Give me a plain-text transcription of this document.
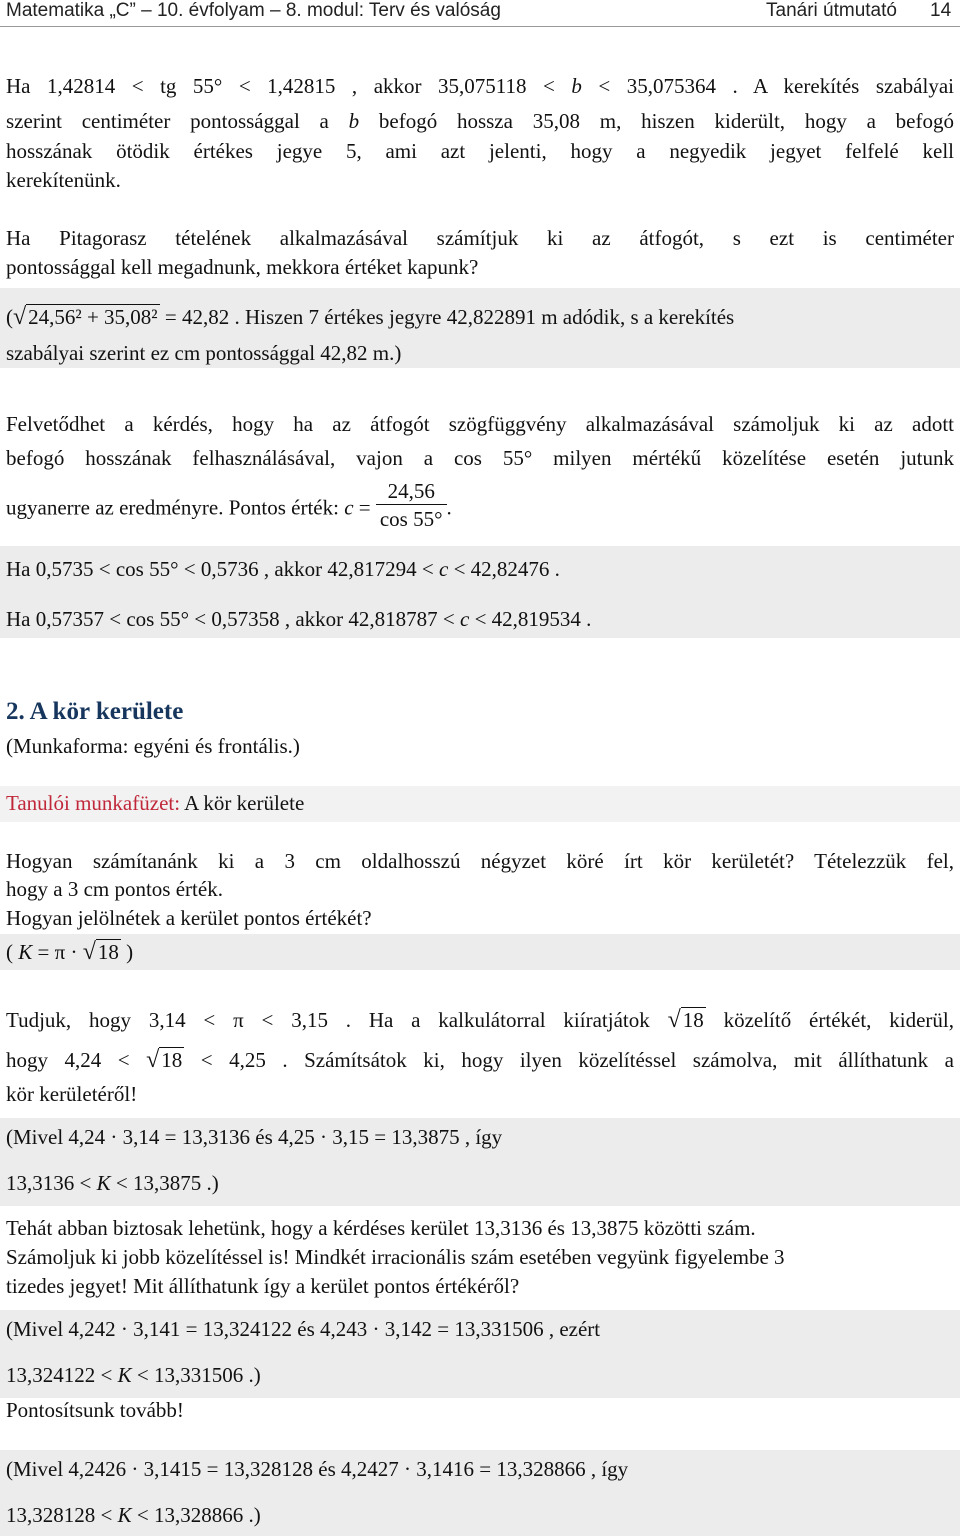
Matematika „C” – 10. évfolyam – 8. modul: Terv és valóság	Tanári útmutató 14
Ha 1,42814 < tg 55° < 1,42815 , akkor 35,075118 < b < 35,075364 . A kerekítés szabályai
szerint centiméter pontossággal a b befogó hossza 35,08 m, hiszen kiderült, hogy a befogó
hosszának ötödik értékes jegye 5, ami azt jelenti, hogy a negyedik jegyet felfelé kell
kerekítenünk.
Ha Pitagorasz tételének alkalmazásával számítjuk ki az átfogót, s ezt is centiméter
pontossággal kell megadnunk, mekkora értéket kapunk?
(√24,56² + 35,08² = 42,82 . Hiszen 7 értékes jegyre 42,822891 m adódik, s a kerekítés
szabályai szerint ez cm pontossággal 42,82 m.)
Felvetődhet a kérdés, hogy ha az átfogót szögfüggvény alkalmazásával számoljuk ki az adott
befogó hosszának felhasználásával, vajon a cos 55° milyen mértékű közelítése esetén jutunk
ugyanerre az eredményre. Pontos érték: $c = \frac{24,56}{\cos 55^\circ}$ .
Ha 0,5735 < cos 55° < 0,5736 , akkor 42,817294 < c < 42,82476 .
Ha 0,57357 < cos 55° < 0,57358 , akkor 42,818787 < c < 42,819534 .
2. A kör kerülete
(Munkaforma: egyéni és frontális.)
Tanulói munkafüzet: A kör kerülete
Hogyan számítanánk ki a 3 cm oldalhosszú négyzet köré írt kör kerületét? Tételezzük fel,
hogy a 3 cm pontos érték.
Hogyan jelölnétek a kerület pontos értékét?
( K = π · √18 )
Tudjuk, hogy 3,14 < π < 3,15 . Ha a kalkulátorral kiíratjátok √18 közelítő értékét, kiderül,
hogy 4,24 < √18 < 4,25 . Számítsátok ki, hogy ilyen közelítéssel számolva, mit állíthatunk a
kör kerületéről!
(Mivel 4,24 · 3,14 = 13,3136 és 4,25 · 3,15 = 13,3875 , így
13,3136 < K < 13,3875 .)
Tehát abban biztosak lehetünk, hogy a kérdéses kerület 13,3136 és 13,3875 közötti szám.
Számoljuk ki jobb közelítéssel is! Mindkét irracionális szám esetében vegyünk figyelembe 3
tizedes jegyet! Mit állíthatunk így a kerület pontos értékéről?
(Mivel 4,242 · 3,141 = 13,324122 és 4,243 · 3,142 = 13,331506 , ezért
13,324122 < K < 13,331506 .)
Pontosítsunk tovább!
(Mivel 4,2426 · 3,1415 = 13,328128 és 4,2427 · 3,1416 = 13,328866 , így
13,328128 < K < 13,328866 .)
